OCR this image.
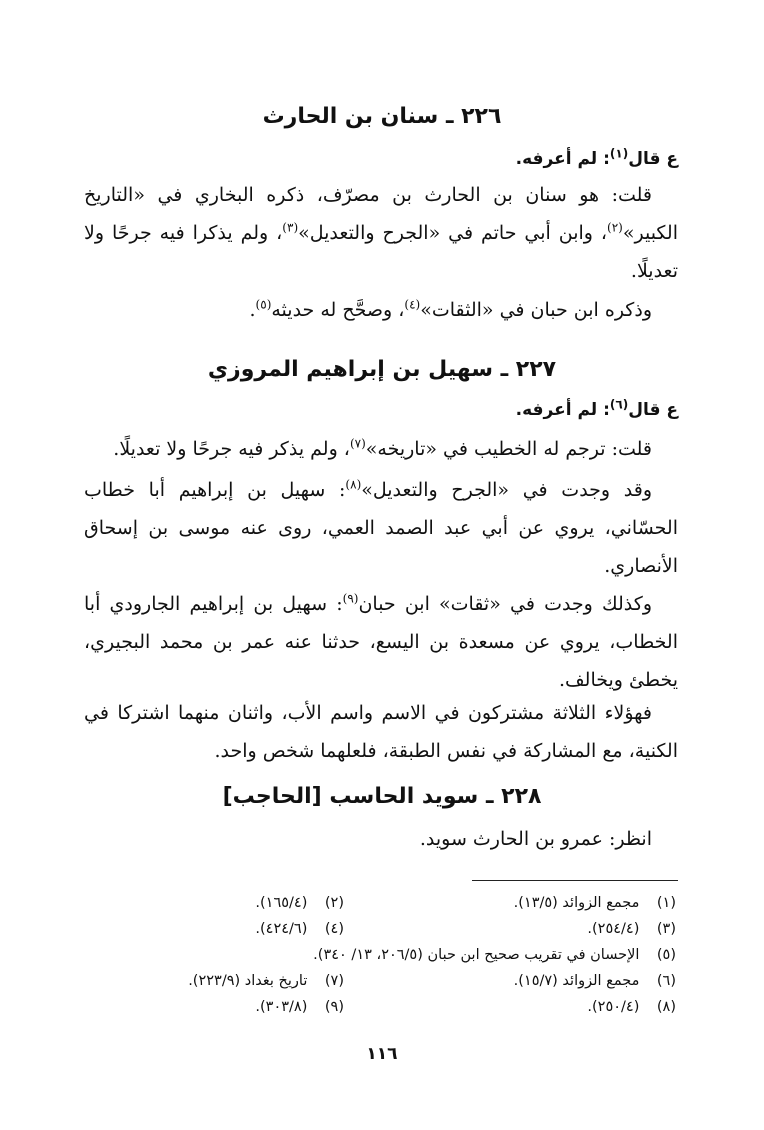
٢٢٦ ـ سنان بن الحارث
ع قال$^{(١)}$: لم أعرفه.
قلت: هو سنان بن الحارث بن مصرّف، ذكره البخاري في «التاريخ الكبير»$^{(٢)}$، وابن أبي حاتم في «الجرح والتعديل»$^{(٣)}$، ولم يذكرا فيه جرحًا ولا تعديلًا.
وذكره ابن حبان في «الثقات»$^{(٤)}$، وصحَّح له حديثه$^{(٥)}$.
٢٢٧ ـ سهيل بن إبراهيم المروزي
ع قال$^{(٦)}$: لم أعرفه.
قلت: ترجم له الخطيب في «تاريخه»$^{(٧)}$، ولم يذكر فيه جرحًا ولا تعديلًا.
وقد وجدت في «الجرح والتعديل»$^{(٨)}$: سهيل بن إبراهيم أبا خطاب الحسّاني، يروي عن أبي عبد الصمد العمي، روى عنه موسى بن إسحاق الأنصاري.
وكذلك وجدت في «ثقات» ابن حبان$^{(٩)}$: سهيل بن إبراهيم الجارودي أبا الخطاب، يروي عن مسعدة بن اليسع، حدثنا عنه عمر بن محمد البجيري، يخطئ ويخالف.
فهؤلاء الثلاثة مشتركون في الاسم واسم الأب، واثنان منهما اشتركا في الكنية، مع المشاركة في نفس الطبقة، فلعلهما شخص واحد.
٢٢٨ ـ سويد الحاسب [الحاجب]
انظر: عمرو بن الحارث سويد.
(١) مجمع الزوائد (١٣/٥).
(٢) (١٦٥/٤).
(٣) (٢٥٤/٤).
(٤) (٤٢٤/٦).
(٥) الإحسان في تقريب صحيح ابن حبان (٢٠٦/٥، ١٣/ ٣٤٠).
(٦) مجمع الزوائد (١٥/٧).
(٧) تاريخ بغداد (٢٢٣/٩).
(٨) (٢٥٠/٤).
(٩) (٣٠٣/٨).
١١٦
